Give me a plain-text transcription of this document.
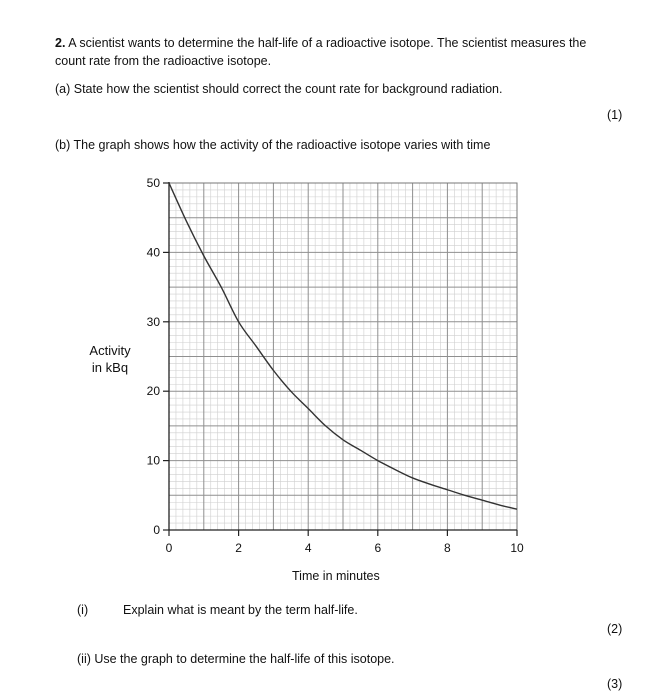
2. A scientist wants to determine the half-life of a radioactive isotope. The scientist measures the
count rate from the radioactive isotope.
(a) State how the scientist should correct the count rate for background radiation.
(1)
(b) The graph shows how the activity of the radioactive isotope varies with time
0
10
20
30
40
50
0	2	4	6	8	10
Activity
in kBq
Time in minutes
(i)	Explain what is meant by the term half-life.
(2)
(ii) Use the graph to determine the half-life of this isotope.
(3)
